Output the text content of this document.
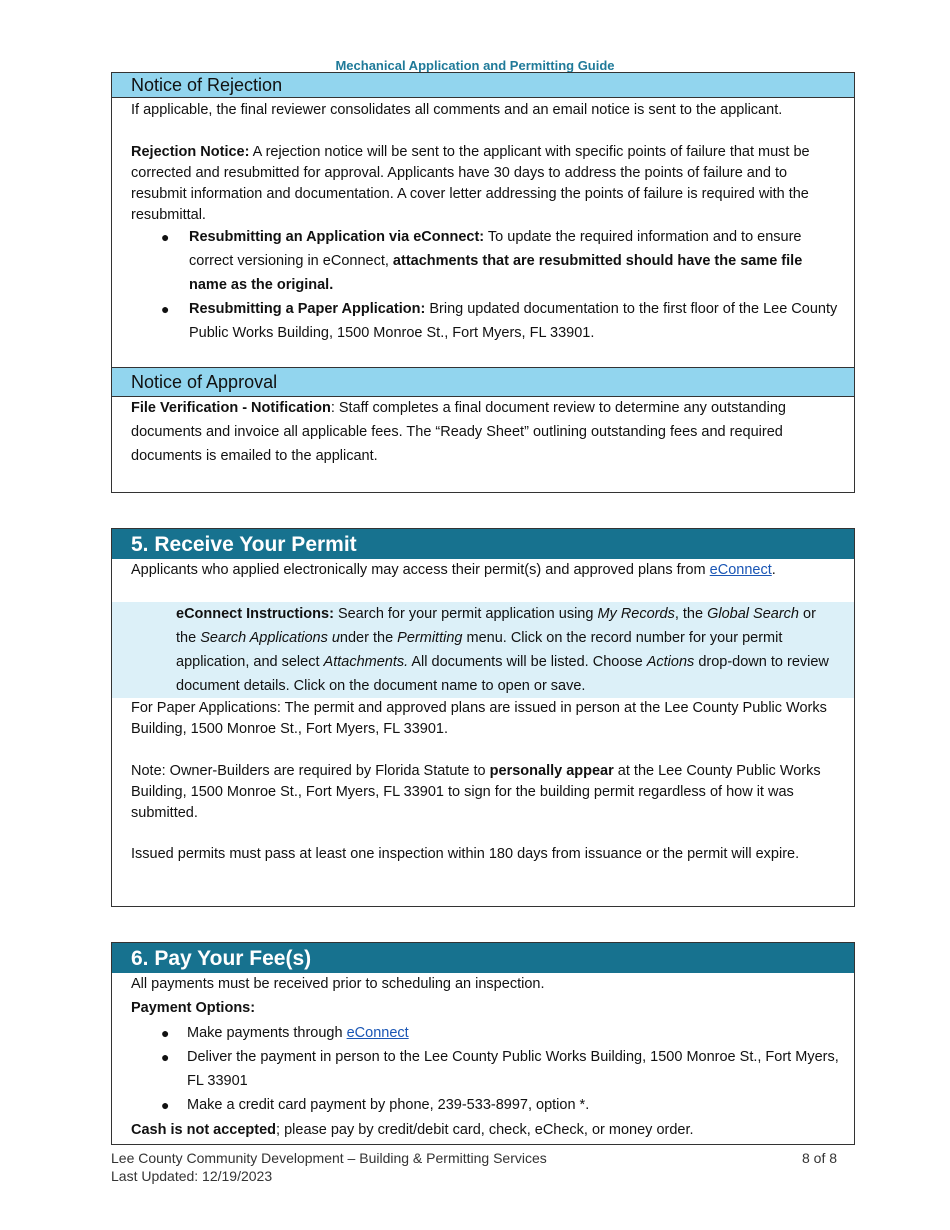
Mechanical Application and Permitting Guide
Notice of Rejection

If applicable, the final reviewer consolidates all comments and an email notice is sent to the applicant.

Rejection Notice: A rejection notice will be sent to the applicant with specific points of failure that must be corrected and resubmitted for approval. Applicants have 30 days to address the points of failure and to resubmit information and documentation. A cover letter addressing the points of failure is required with the resubmittal.

● Resubmitting an Application via eConnect: To update the required information and to ensure correct versioning in eConnect, attachments that are resubmitted should have the same file name as the original.
● Resubmitting a Paper Application: Bring updated documentation to the first floor of the Lee County Public Works Building, 1500 Monroe St., Fort Myers, FL 33901.
Notice of Approval

File Verification - Notification: Staff completes a final document review to determine any outstanding documents and invoice all applicable fees. The “Ready Sheet” outlining outstanding fees and required documents is emailed to the applicant.

5. Receive Your Permit

Applicants who applied electronically may access their permit(s) and approved plans from eConnect.

eConnect Instructions: Search for your permit application using My Records, the Global Search or the Search Applications under the Permitting menu. Click on the record number for your permit application, and select Attachments. All documents will be listed. Choose Actions drop-down to review document details. Click on the document name to open or save.

For Paper Applications: The permit and approved plans are issued in person at the Lee County Public Works Building, 1500 Monroe St., Fort Myers, FL 33901.

Note: Owner-Builders are required by Florida Statute to personally appear at the Lee County Public Works Building, 1500 Monroe St., Fort Myers, FL 33901 to sign for the building permit regardless of how it was submitted.

Issued permits must pass at least one inspection within 180 days from issuance or the permit will expire.

6. Pay Your Fee(s)

All payments must be received prior to scheduling an inspection.

Payment Options:

● Make payments through eConnect
● Deliver the payment in person to the Lee County Public Works Building, 1500 Monroe St., Fort Myers, FL 33901
● Make a credit card payment by phone, 239-533-8997, option *.

Cash is not accepted; please pay by credit/debit card, check, eCheck, or money order.

Lee County Community Development – Building & Permitting Services
Last Updated: 12/19/2023
8 of 8
